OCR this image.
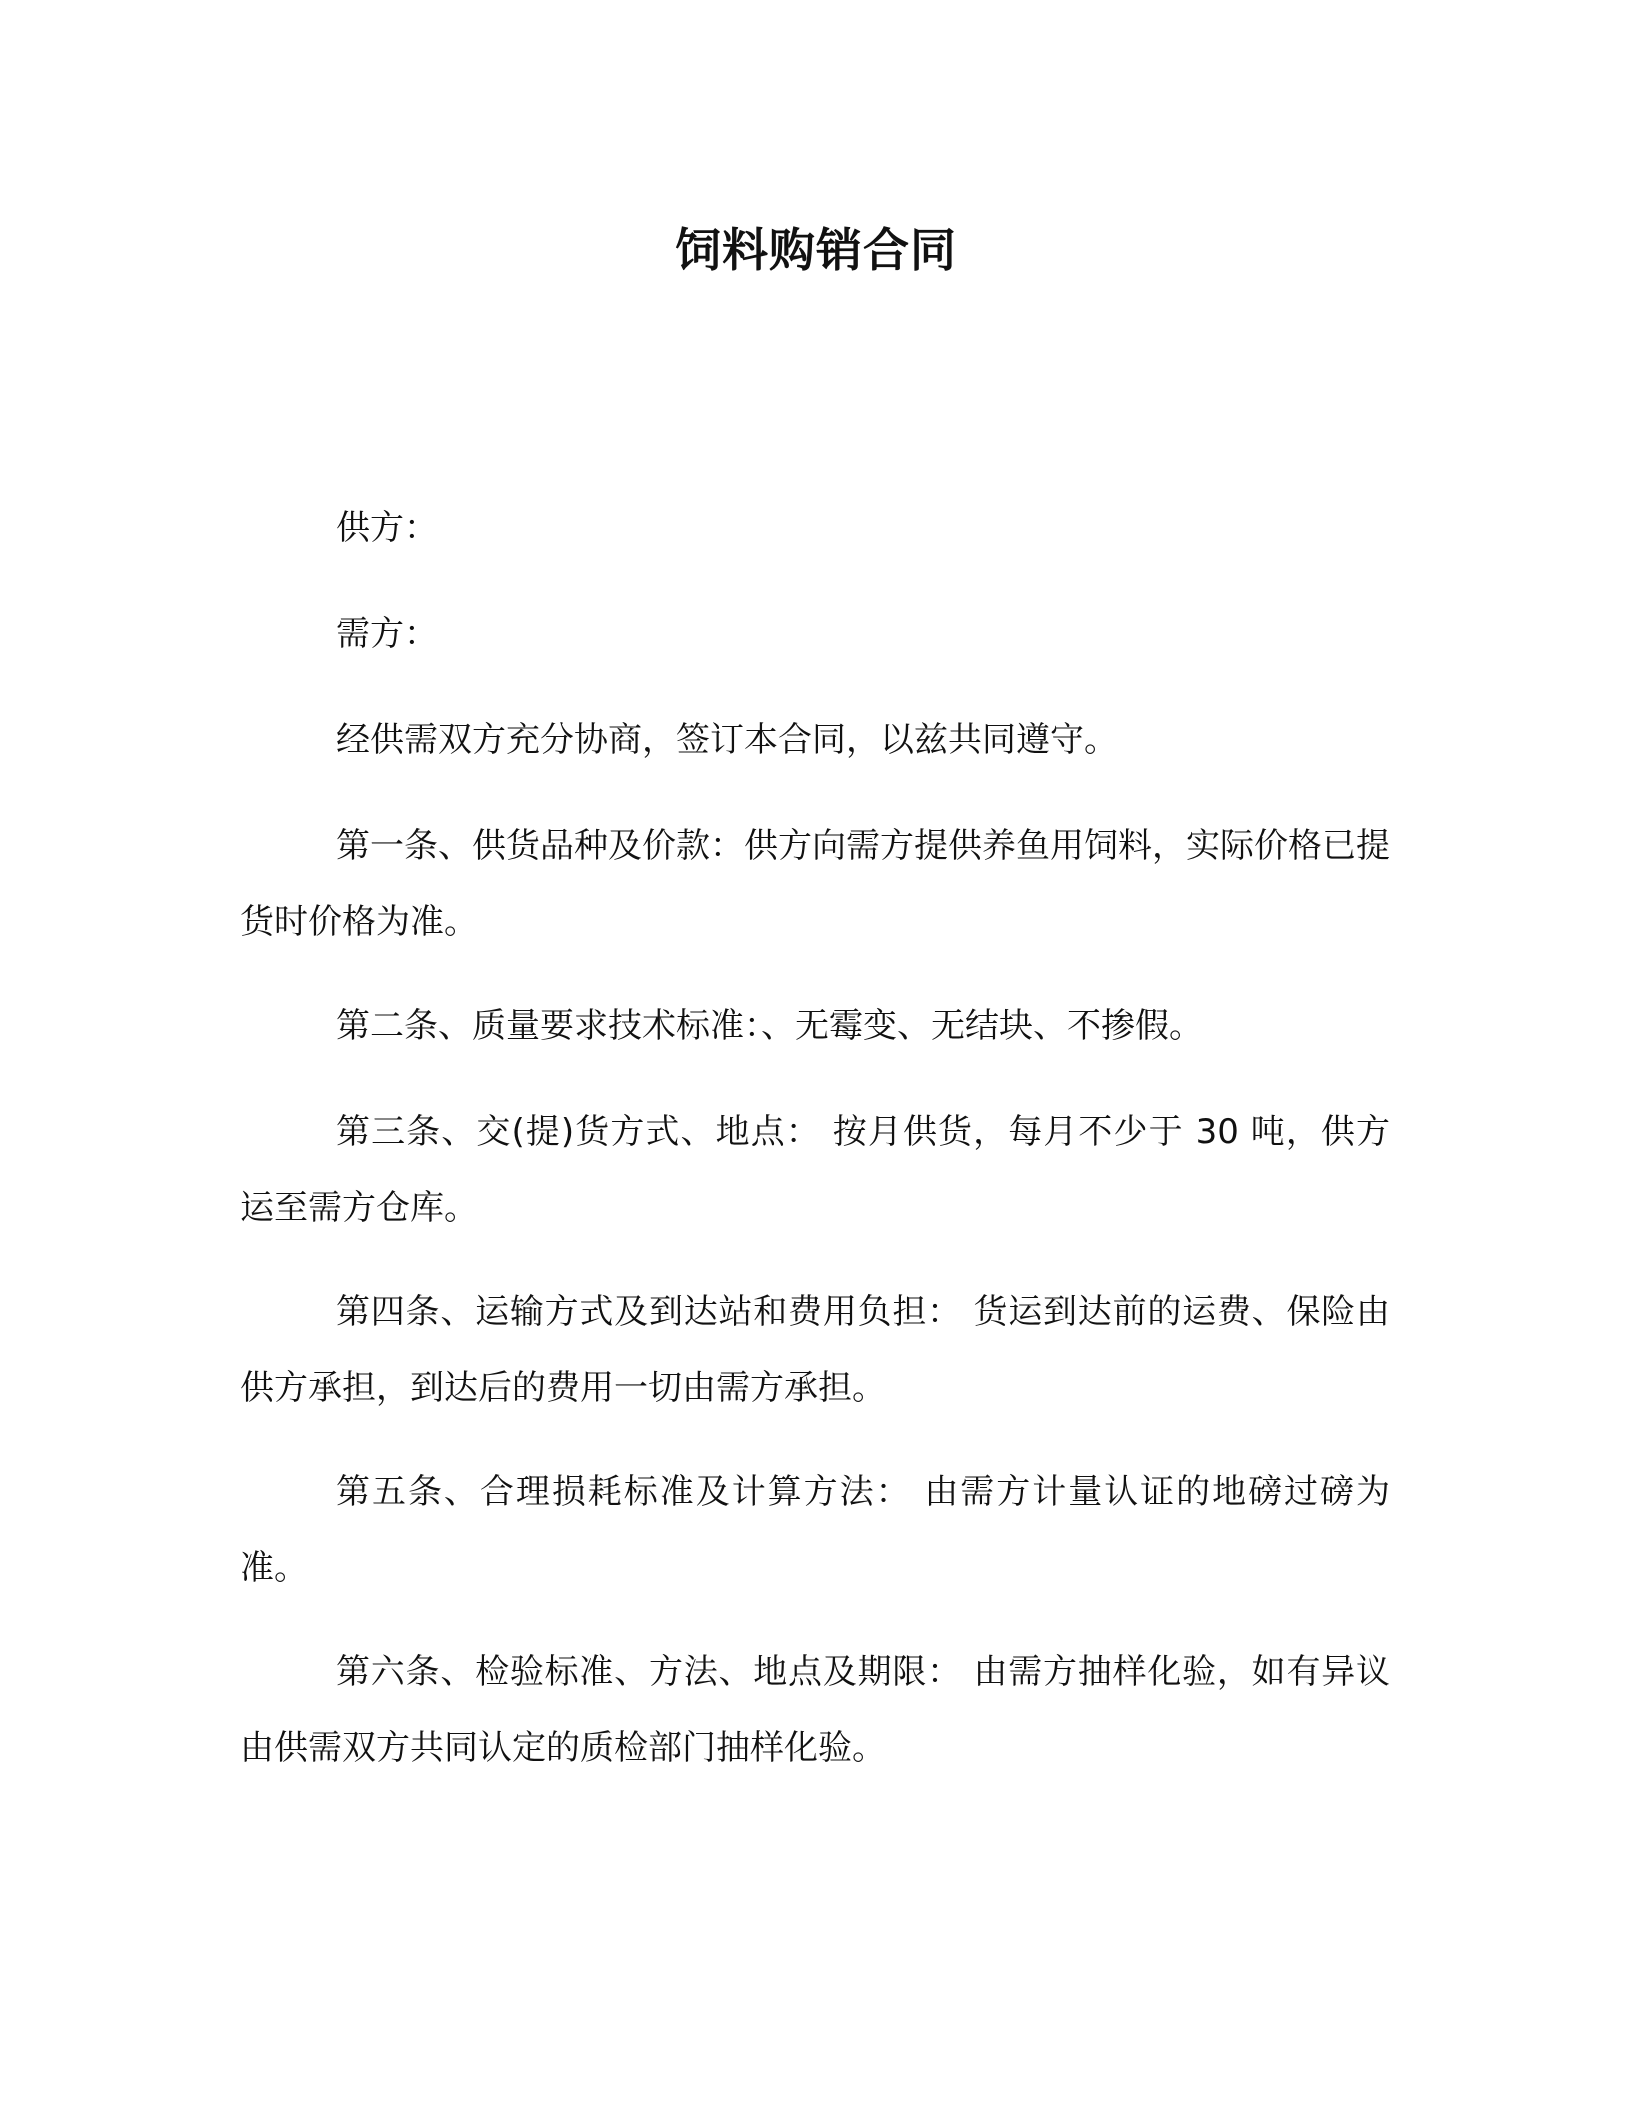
饲料购销合同

供方：

需方：

经供需双方充分协商，签订本合同，以兹共同遵守。

第一条、供货品种及价款：供方向需方提供养鱼用饲料，实际价格已提货时价格为准。

第二条、质量要求技术标准：、无霉变、无结块、不掺假。

第三条、交(提)货方式、地点： 按月供货，每月不少于 30 吨，供方运至需方仓库。

第四条、运输方式及到达站和费用负担： 货运到达前的运费、保险由供方承担，到达后的费用一切由需方承担。

第五条、合理损耗标准及计算方法： 由需方计量认证的地磅过磅为准。

第六条、检验标准、方法、地点及期限： 由需方抽样化验，如有异议由供需双方共同认定的质检部门抽样化验。
